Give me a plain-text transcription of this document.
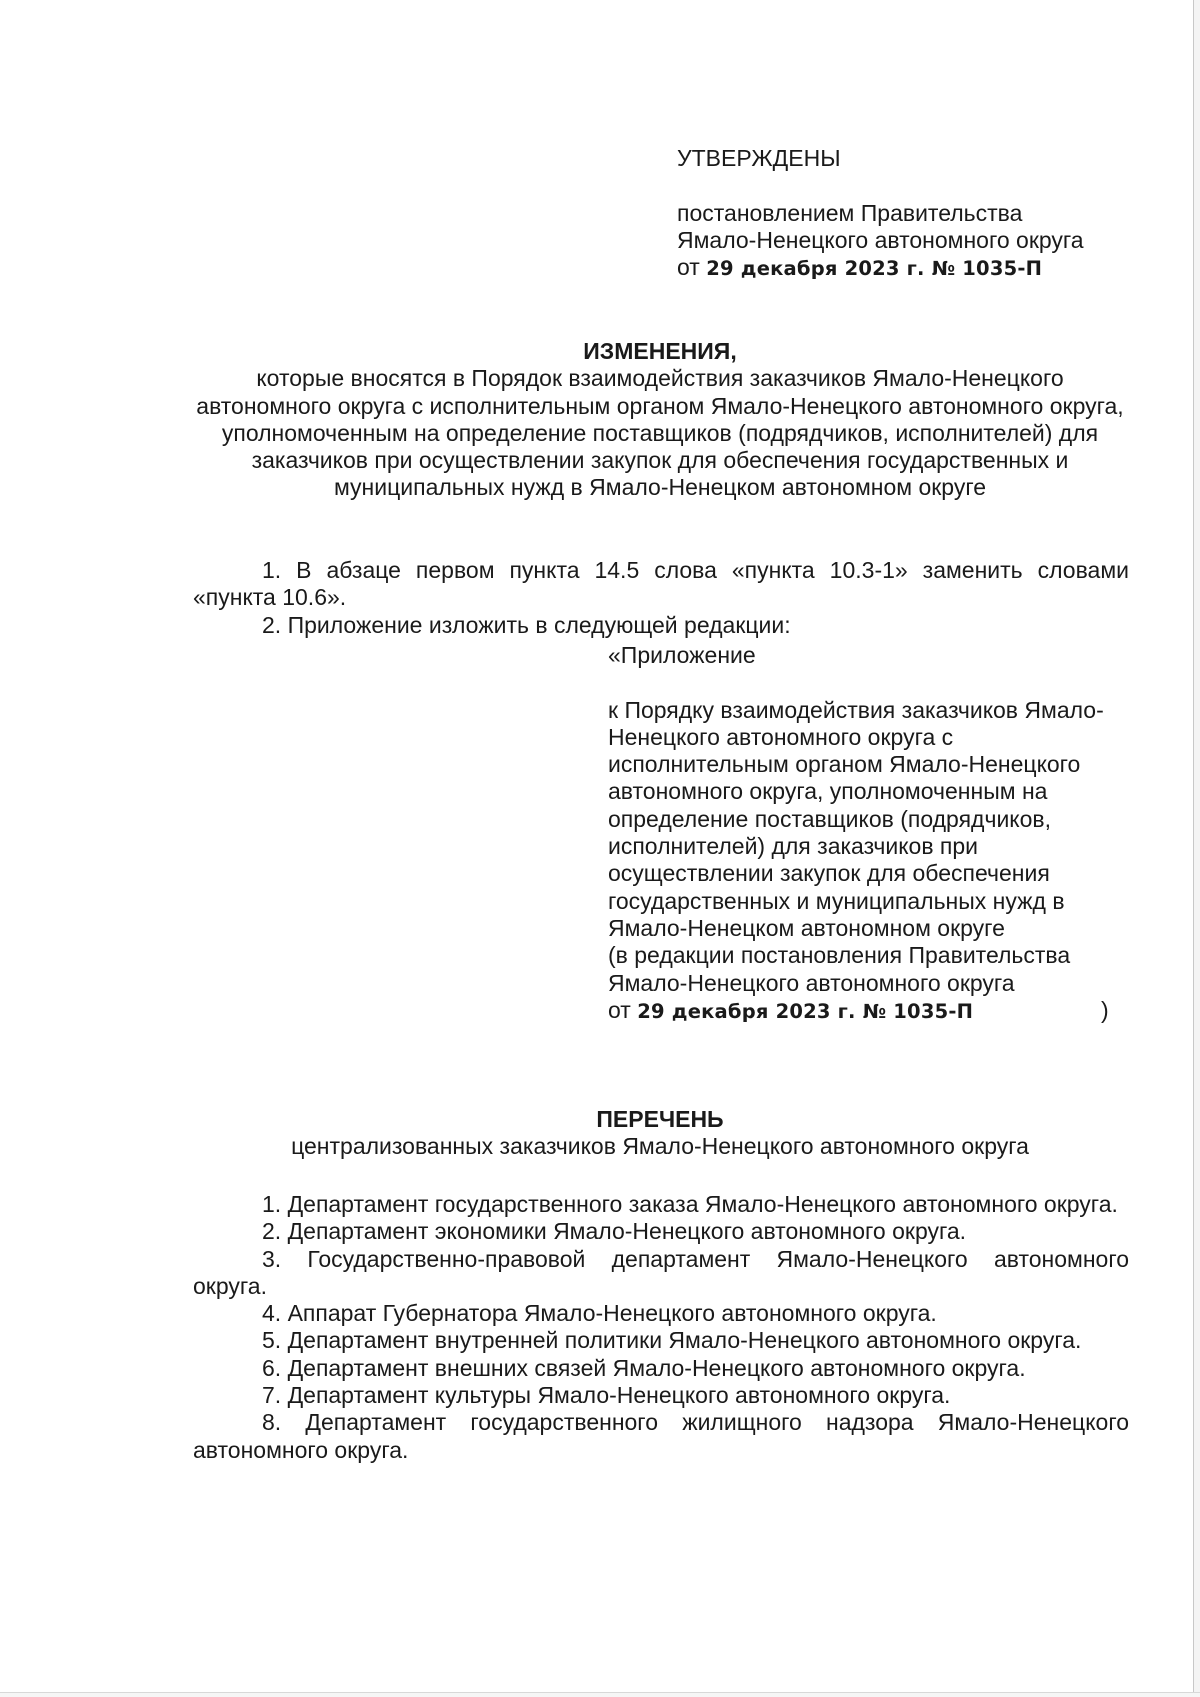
УТВЕРЖДЕНЫ
постановлением Правительства
Ямало-Ненецкого автономного округа
от 29 декабря 2023 г. № 1035-П
ИЗМЕНЕНИЯ,
которые вносятся в Порядок взаимодействия заказчиков Ямало-Ненецкого автономного округа с исполнительным органом Ямало-Ненецкого автономного округа, уполномоченным на определение поставщиков (подрядчиков, исполнителей) для заказчиков при осуществлении закупок для обеспечения государственных и муниципальных нужд в Ямало-Ненецком автономном округе

1. В абзаце первом пункта 14.5 слова «пункта 10.3-1» заменить словами «пункта 10.6».

2. Приложение изложить в следующей редакции:

«Приложение
к Порядку взаимодействия заказчиков Ямало-Ненецкого автономного округа с исполнительным органом Ямало-Ненецкого автономного округа, уполномоченным на определение поставщиков (подрядчиков, исполнителей) для заказчиков при осуществлении закупок для обеспечения государственных и муниципальных нужд в Ямало-Ненецком автономном округе
(в редакции постановления Правительства Ямало-Ненецкого автономного округа
от 29 декабря 2023 г. № 1035-П	)
ПЕРЕЧЕНЬ
централизованных заказчиков Ямало-Ненецкого автономного округа

1. Департамент государственного заказа Ямало-Ненецкого автономного округа.

2. Департамент экономики Ямало-Ненецкого автономного округа.

3. Государственно-правовой департамент Ямало-Ненецкого автономного округа.

4. Аппарат Губернатора Ямало-Ненецкого автономного округа.

5. Департамент внутренней политики Ямало-Ненецкого автономного округа.

6. Департамент внешних связей Ямало-Ненецкого автономного округа.

7. Департамент культуры Ямало-Ненецкого автономного округа.

8. Департамент государственного жилищного надзора Ямало-Ненецкого автономного округа.
